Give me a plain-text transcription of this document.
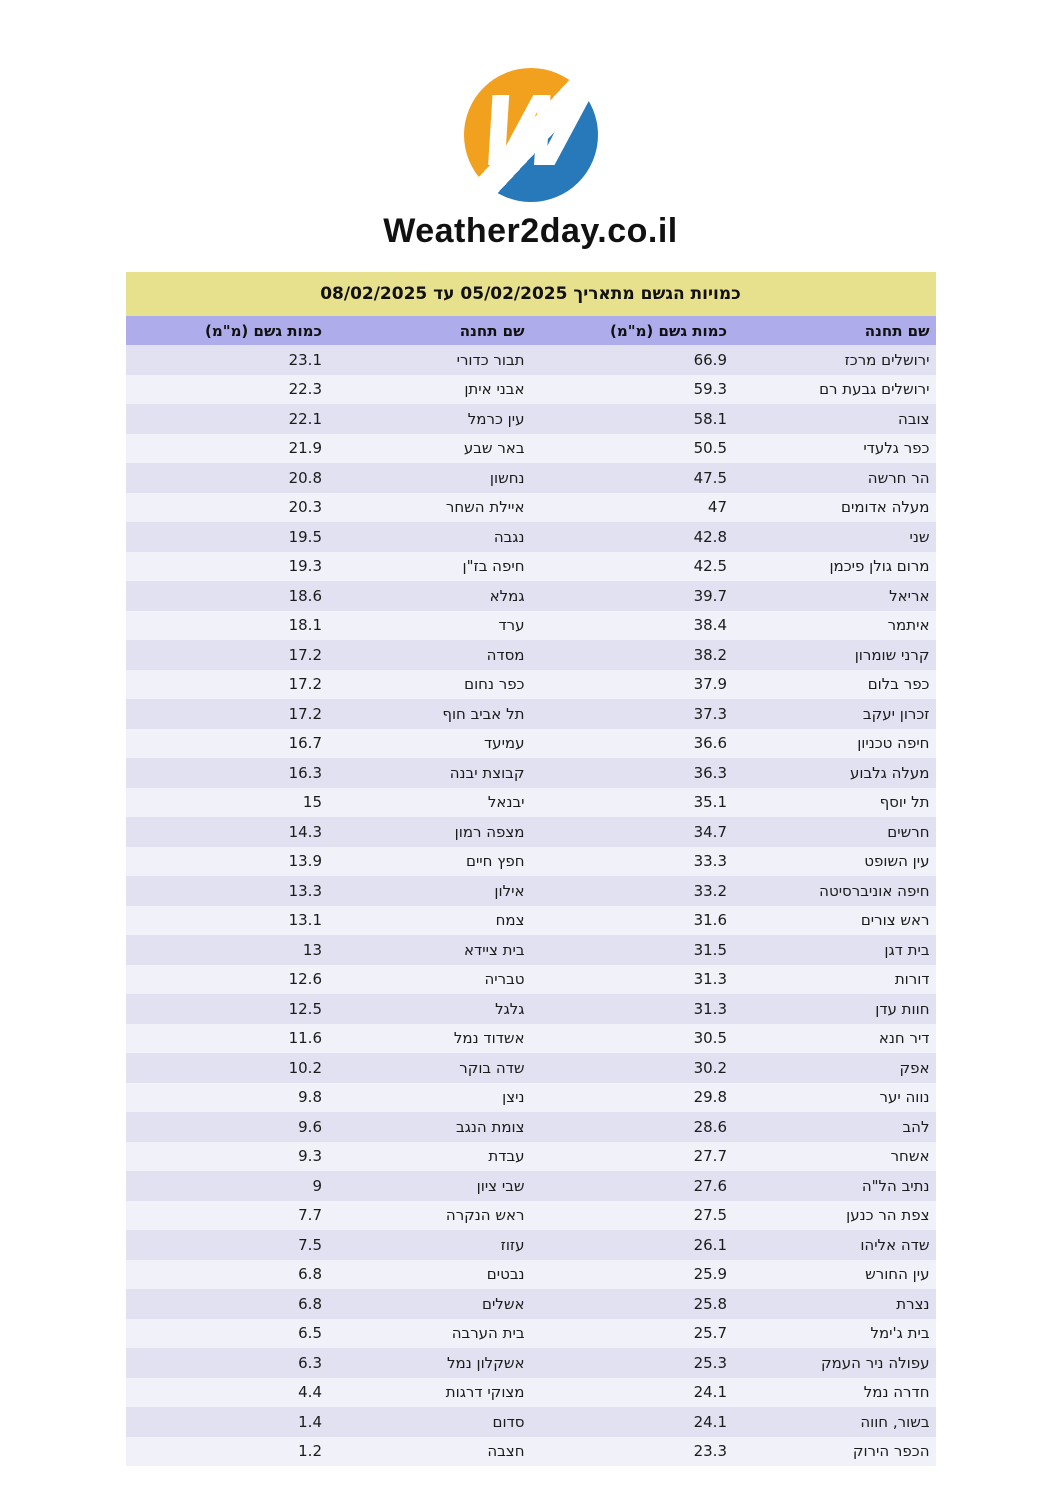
W
Weather2day.co.il
כמויות הגשם מתאריך 05/02/2025 עד 08/02/2025
שם תחנה	כמות גשם (מ"מ)	שם תחנה	כמות גשם (מ"מ)
ירושלים מרכז	66.9	תבור כדורי	23.1
ירושלים גבעת רם	59.3	אבני איתן	22.3
צובה	58.1	עין כרמל	22.1
כפר גלעדי	50.5	באר שבע	21.9
הר חרשה	47.5	נחשון	20.8
מעלה אדומים	47	איילת השחר	20.3
שני	42.8	נגבה	19.5
מרום גולן פיכמן	42.5	חיפה בז"ן	19.3
אריאל	39.7	גמלא	18.6
איתמר	38.4	ערד	18.1
קרני שומרון	38.2	מסדה	17.2
כפר בלום	37.9	כפר נחום	17.2
זכרון יעקב	37.3	תל אביב חוף	17.2
חיפה טכניון	36.6	עמיעד	16.7
מעלה גלבוע	36.3	קבוצת יבנה	16.3
תל יוסף	35.1	יבנאל	15
חרשים	34.7	מצפה רמון	14.3
עין השופט	33.3	חפץ חיים	13.9
חיפה אוניברסיטה	33.2	אילון	13.3
ראש צורים	31.6	צמח	13.1
בית דגן	31.5	בית ציידא	13
דורות	31.3	טבריה	12.6
חוות עדן	31.3	גלגל	12.5
דיר חנא	30.5	אשדוד נמל	11.6
אפק	30.2	שדה בוקר	10.2
נווה יער	29.8	ניצן	9.8
להב	28.6	צומת הנגב	9.6
אשחר	27.7	עבדת	9.3
נתיב הל"ה	27.6	שבי ציון	9
צפת הר כנען	27.5	ראש הנקרה	7.7
שדה אליהו	26.1	עזוז	7.5
עין החורש	25.9	נבטים	6.8
נצרת	25.8	אשלים	6.8
בית ג'ימל	25.7	בית הערבה	6.5
עפולה ניר העמק	25.3	אשקלון נמל	6.3
חדרה נמל	24.1	מצוקי דרגות	4.4
בשור, חווה	24.1	סדום	1.4
הכפר הירוק	23.3	חצבה	1.2
